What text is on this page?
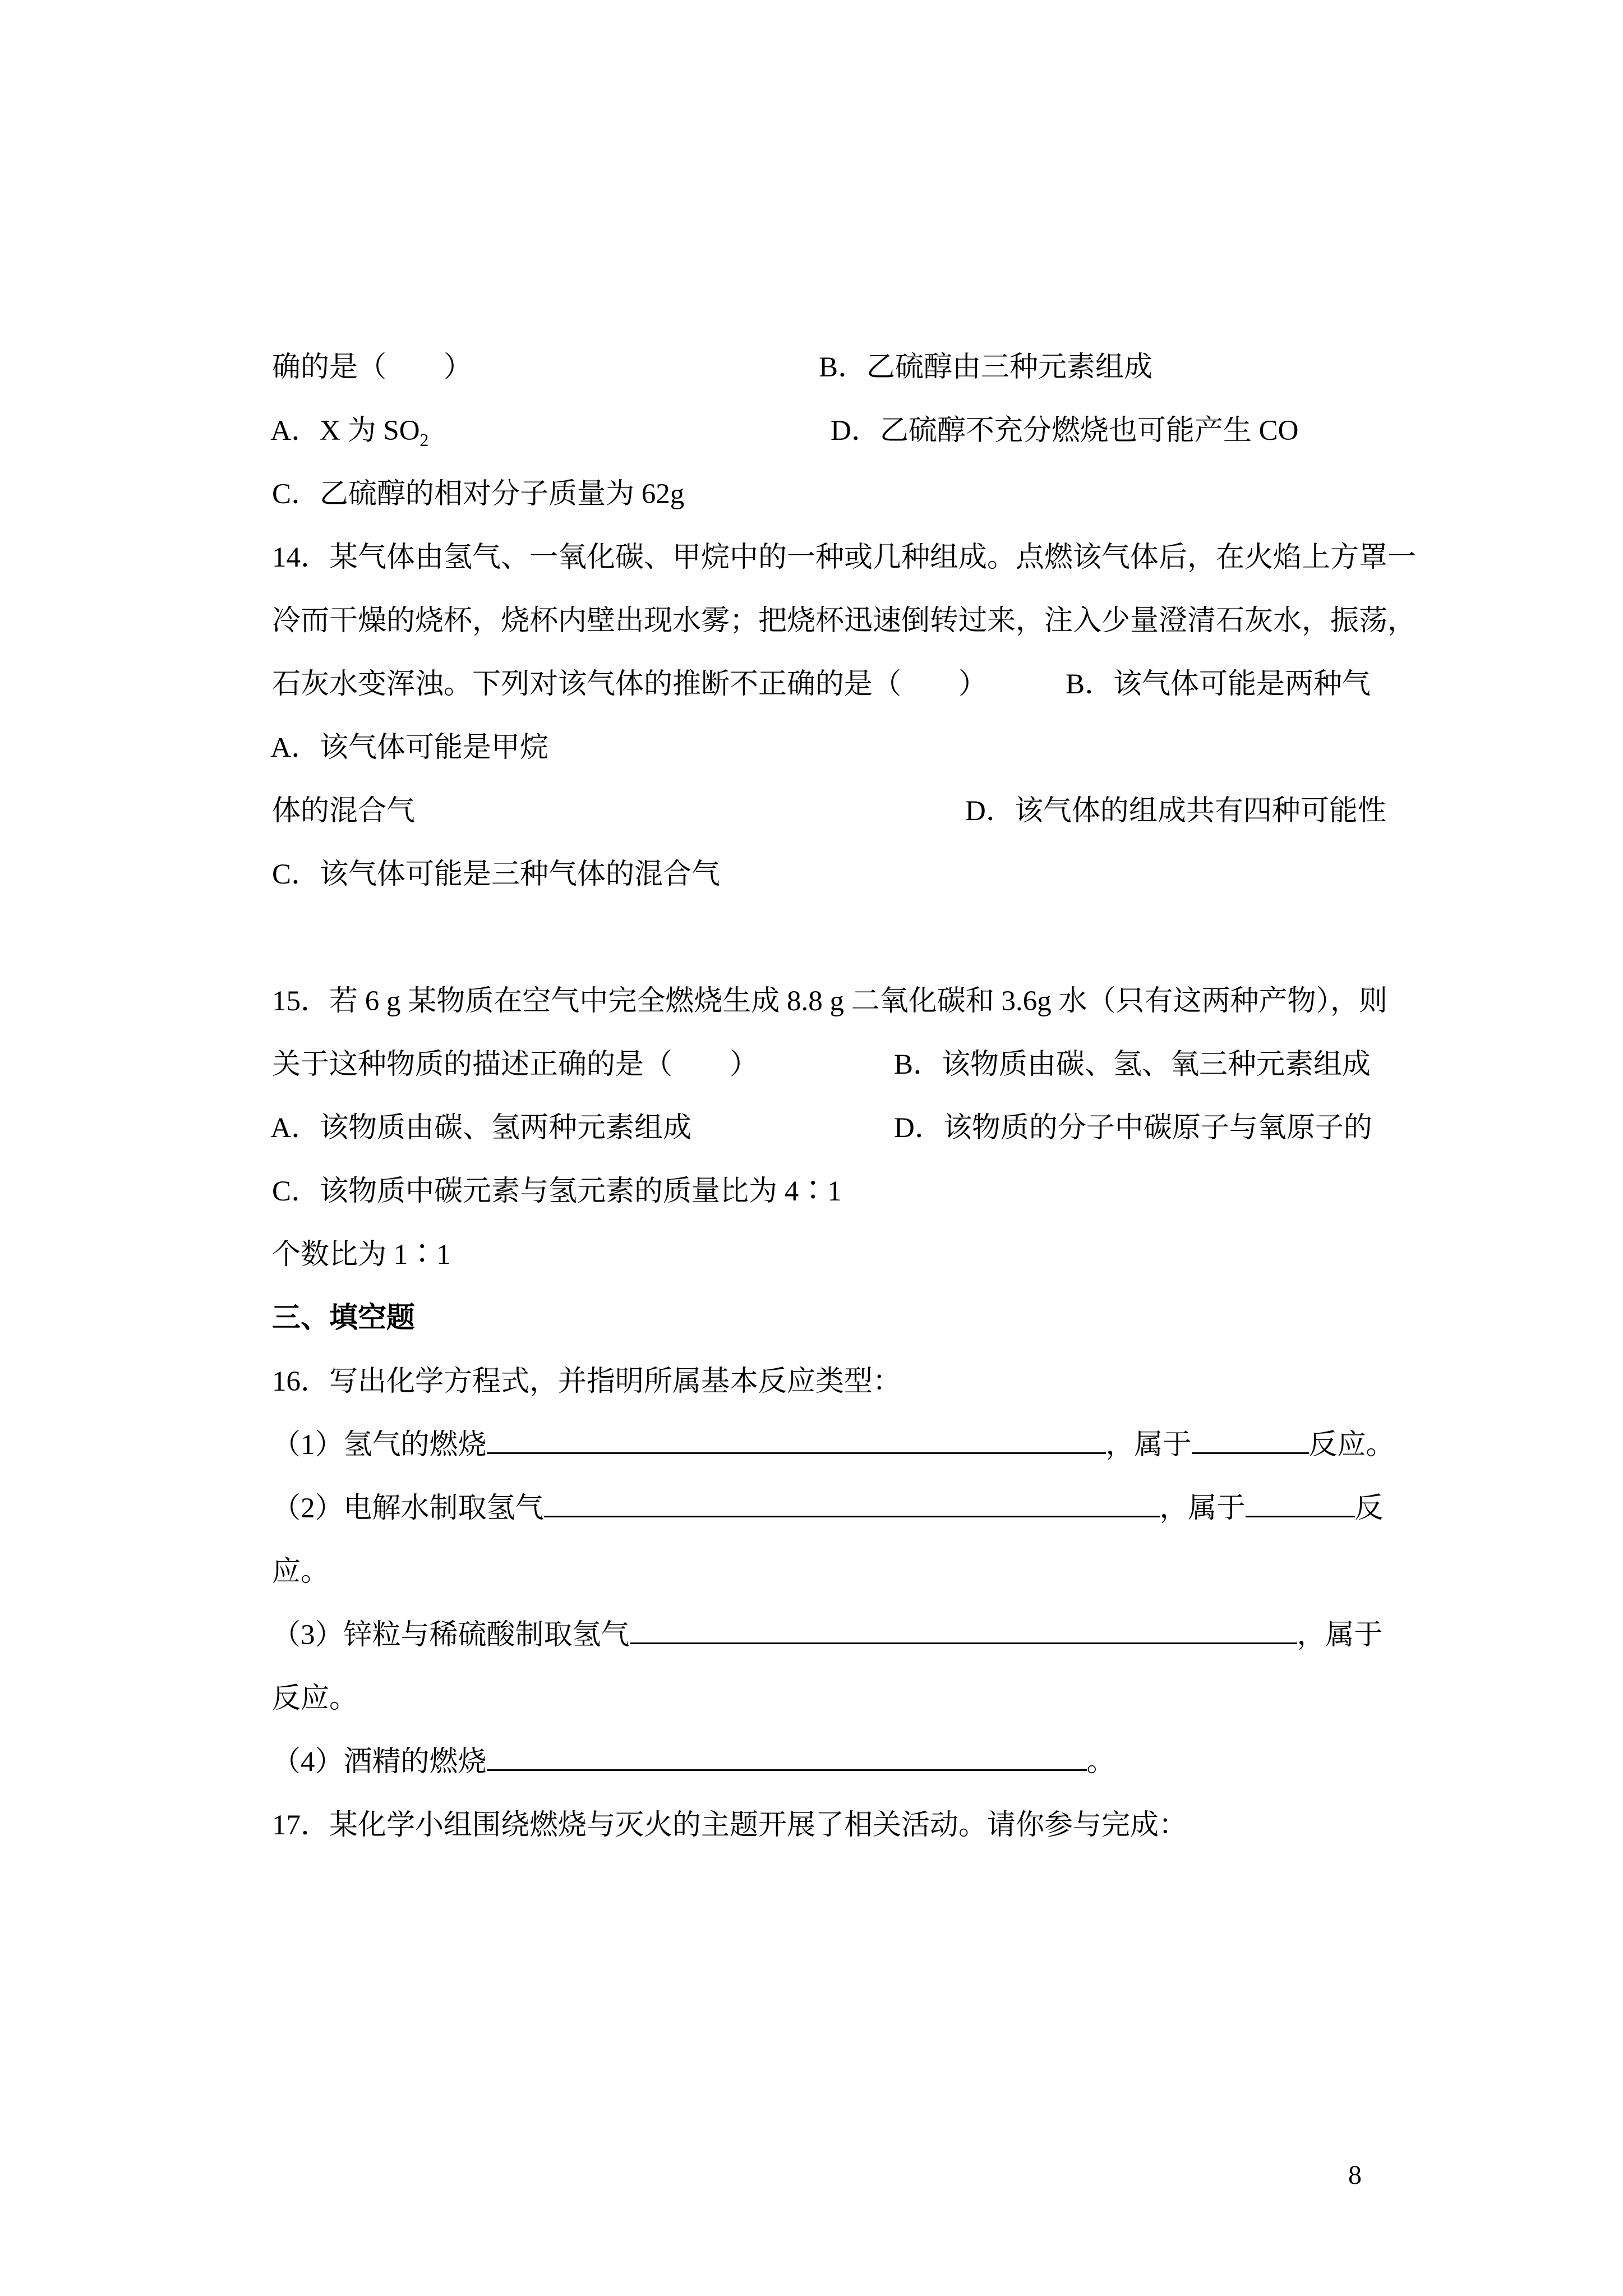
确的是（　　）

A．X 为 $SO_2$

B．乙硫醇由三种元素组成

C．乙硫醇的相对分子质量为 62g

D．乙硫醇不充分燃烧也可能产生 CO

14．某气体由氢气、一氧化碳、甲烷中的一种或几种组成。点燃该气体后，在火焰上方罩一

冷而干燥的烧杯，烧杯内壁出现水雾；把烧杯迅速倒转过来，注入少量澄清石灰水，振荡，

石灰水变浑浊。下列对该气体的推断不正确的是（　　）

A．该气体可能是甲烷

B．该气体可能是两种气

体的混合气

C．该气体可能是三种气体的混合气

D．该气体的组成共有四种可能性

15．若 6 g 某物质在空气中完全燃烧生成 8.8 g 二氧化碳和 3.6g 水（只有这两种产物），则

关于这种物质的描述正确的是（　　）

A．该物质由碳、氢两种元素组成

B．该物质由碳、氢、氧三种元素组成

C．该物质中碳元素与氢元素的质量比为 4∶1

D．该物质的分子中碳原子与氧原子的

个数比为 1∶1

三、填空题

16．写出化学方程式，并指明所属基本反应类型：

（1）氢气的燃烧	，属于	反应。

（2）电解水制取氢气	，属于	反

应。

（3）锌粒与稀硫酸制取氢气	，属于

反应。

（4）酒精的燃烧	。

17．某化学小组围绕燃烧与灭火的主题开展了相关活动。请你参与完成：

8
